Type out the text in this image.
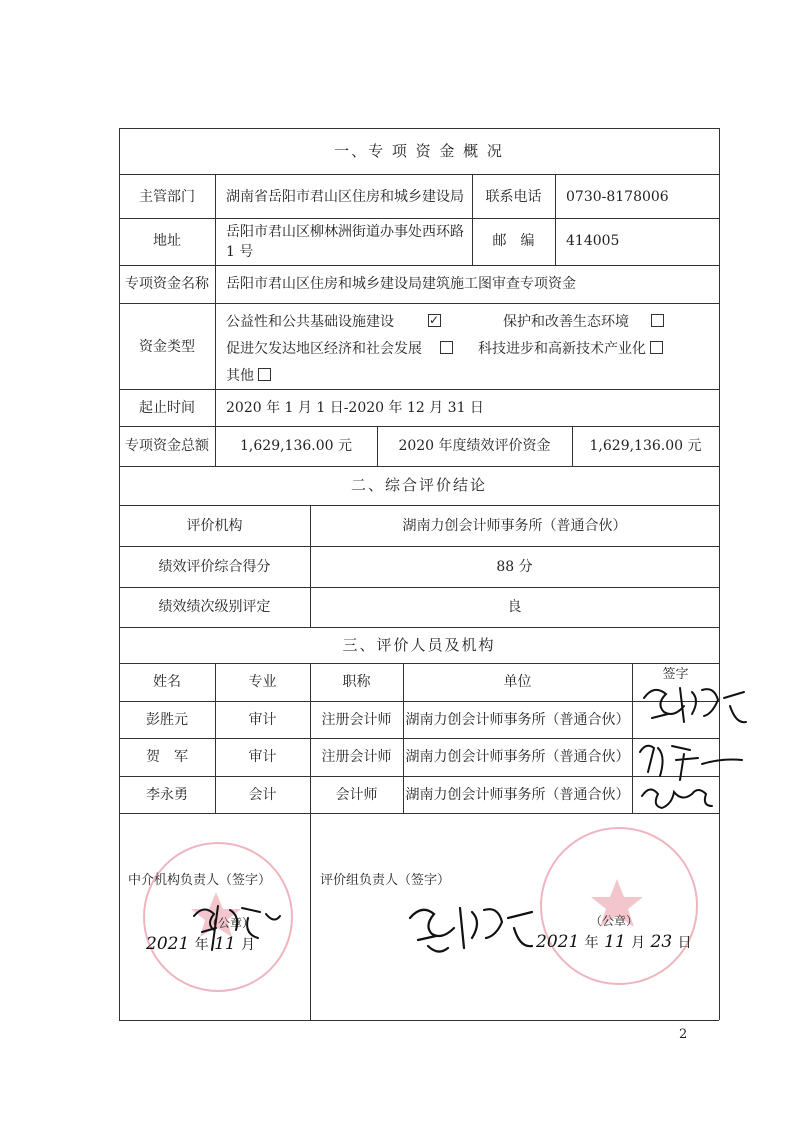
一、专 项 资 金 概 况
主管部门	湖南省岳阳市君山区住房和城乡建设局	联系电话	0730-8178006
地址
岳阳市君山区柳林洲街道办事处西环路
1 号
邮　编	414005
专项资金名称	岳阳市君山区住房和城乡建设局建筑施工图审查专项资金
资金类型
公益性和公共基础设施建设✓	保护和改善生态环境
促进欠发达地区经济和社会发展	科技进步和高新技术产业化
其他
起止时间	2020 年 1 月 1 日-2020 年 12 月 31 日
专项资金总额	1,629,136.00 元	2020 年度绩效评价资金	1,629,136.00 元
二、综合评价结论
评价机构	湖南力创会计师事务所（普通合伙）
绩效评价综合得分	88 分
绩效绩次级别评定	良
三、评价人员及机构
姓名	专业	职称	单位	签字
彭胜元	审计	注册会计师	湖南力创会计师事务所（普通合伙）
贺　军	审计	注册会计师	湖南力创会计师事务所（普通合伙）
李永勇	会计	会计师	湖南力创会计师事务所（普通合伙）
中介机构负责人（签字）	评价组负责人（签字）
（公章）	（公章）
2021 年 11 月	2021 年 11 月 23 日
2
